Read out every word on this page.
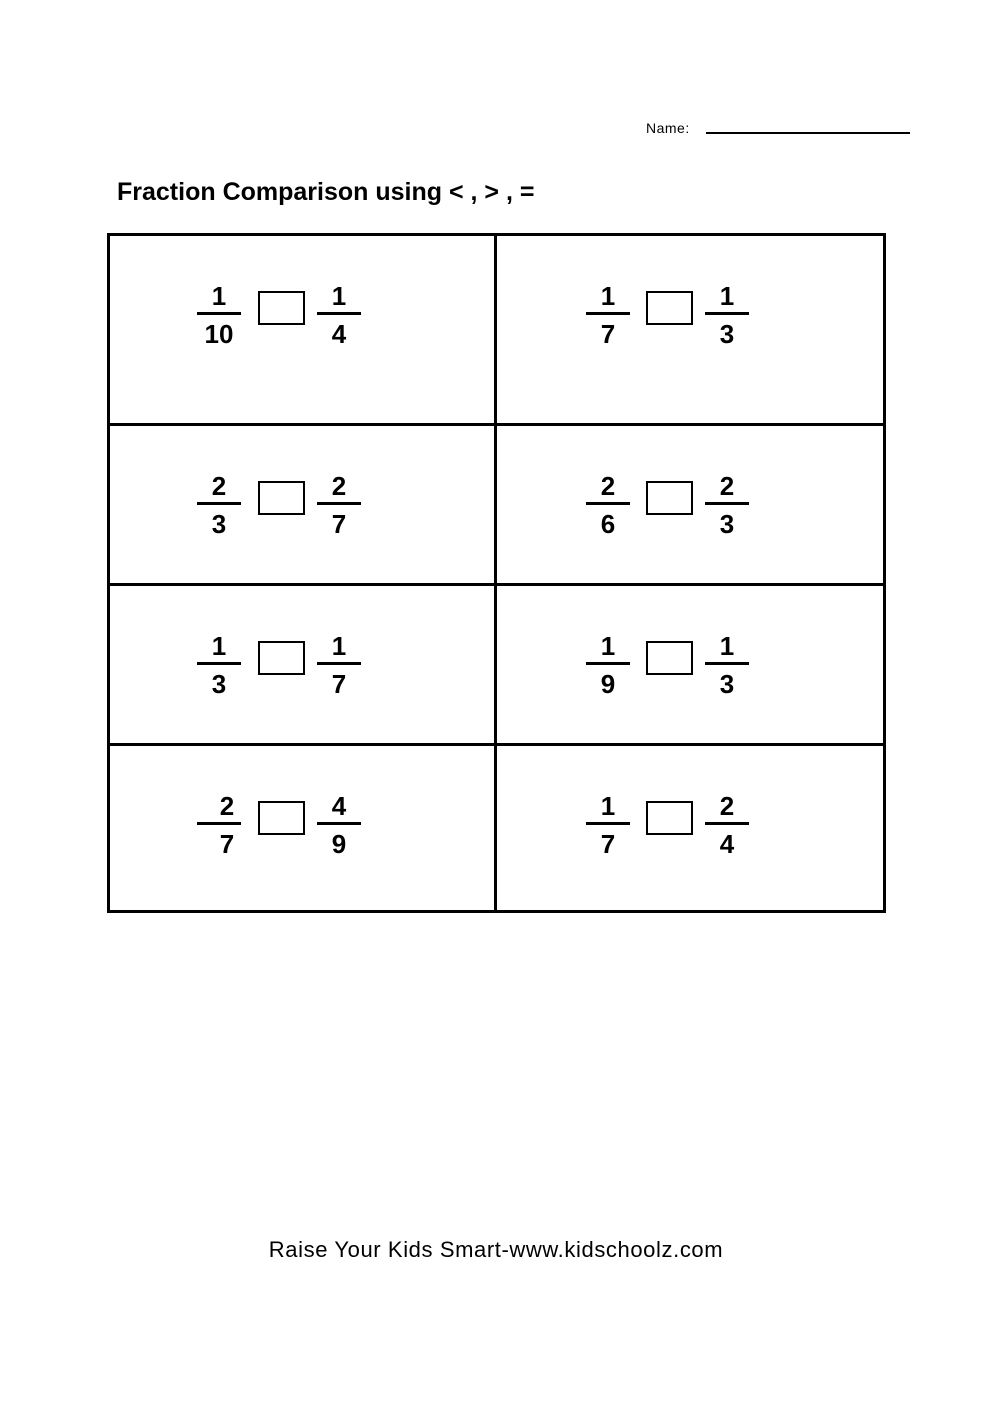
Name:
Fraction Comparison using < , > , =
1
10
1
4
1
7
1
3
2
3
2
7
2
6
2
3
1
3
1
7
1
9
1
3
2
7
4
9
1
7
2
4
Raise Your Kids Smart-www.kidschoolz.com
